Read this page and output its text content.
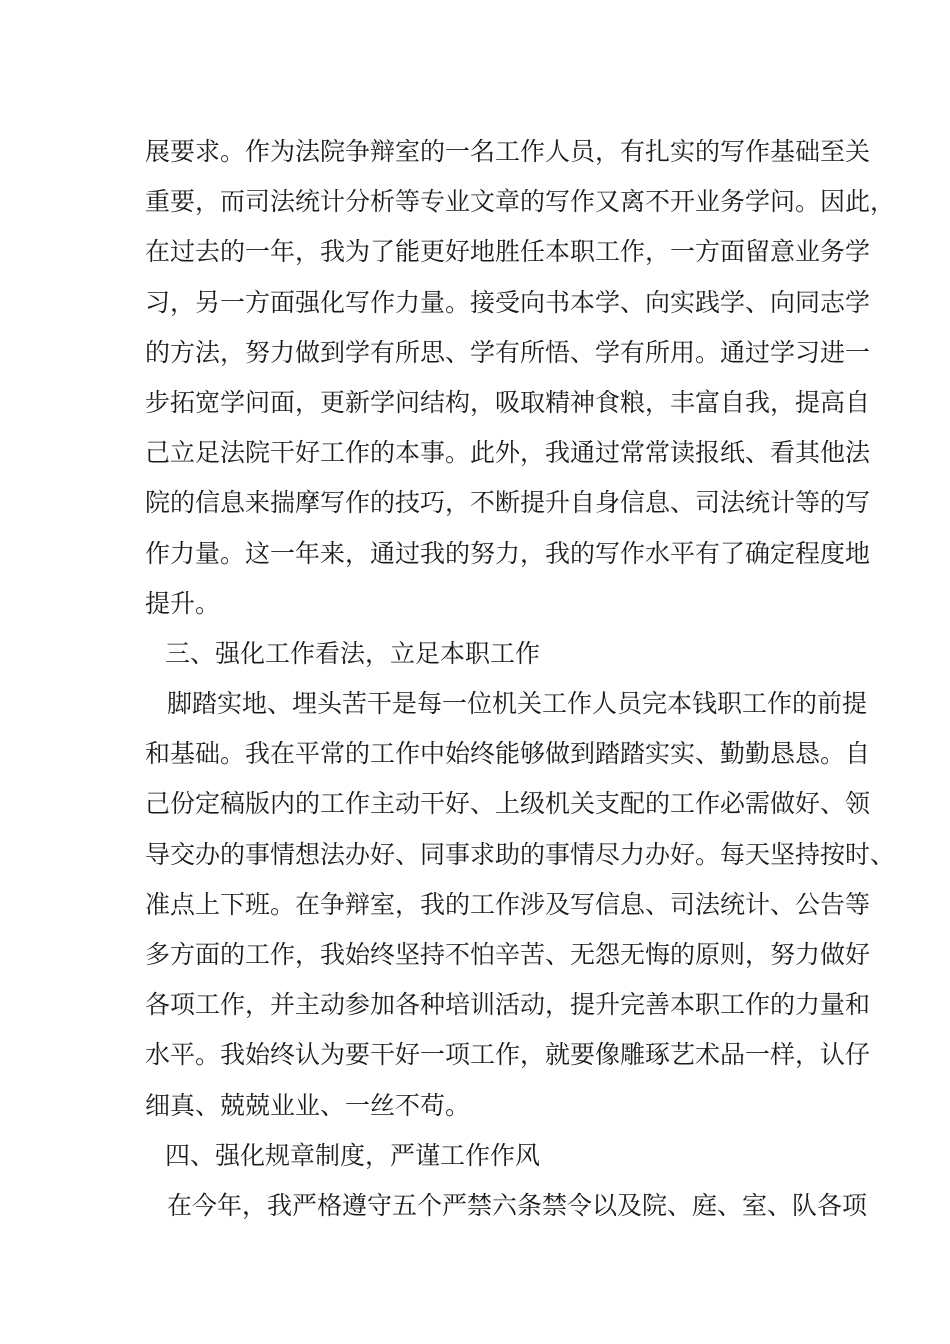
展要求。作为法院争辩室的一名工作人员，有扎实的写作基础至关
重要，而司法统计分析等专业文章的写作又离不开业务学问。因此，
在过去的一年，我为了能更好地胜任本职工作，一方面留意业务学
习，另一方面强化写作力量。接受向书本学、向实践学、向同志学
的方法，努力做到学有所思、学有所悟、学有所用。通过学习进一
步拓宽学问面，更新学问结构，吸取精神食粮，丰富自我，提高自
己立足法院干好工作的本事。此外，我通过常常读报纸、看其他法
院的信息来揣摩写作的技巧，不断提升自身信息、司法统计等的写
作力量。这一年来，通过我的努力，我的写作水平有了确定程度地
提升。
三、强化工作看法，立足本职工作
脚踏实地、埋头苦干是每一位机关工作人员完本钱职工作的前提
和基础。我在平常的工作中始终能够做到踏踏实实、勤勤恳恳。自
己份定稿版内的工作主动干好、上级机关支配的工作必需做好、领
导交办的事情想法办好、同事求助的事情尽力办好。每天坚持按时、
准点上下班。在争辩室，我的工作涉及写信息、司法统计、公告等
多方面的工作，我始终坚持不怕辛苦、无怨无悔的原则，努力做好
各项工作，并主动参加各种培训活动，提升完善本职工作的力量和
水平。我始终认为要干好一项工作，就要像雕琢艺术品一样，认仔
细真、兢兢业业、一丝不苟。
四、强化规章制度，严谨工作作风
在今年，我严格遵守五个严禁六条禁令以及院、庭、室、队各项
